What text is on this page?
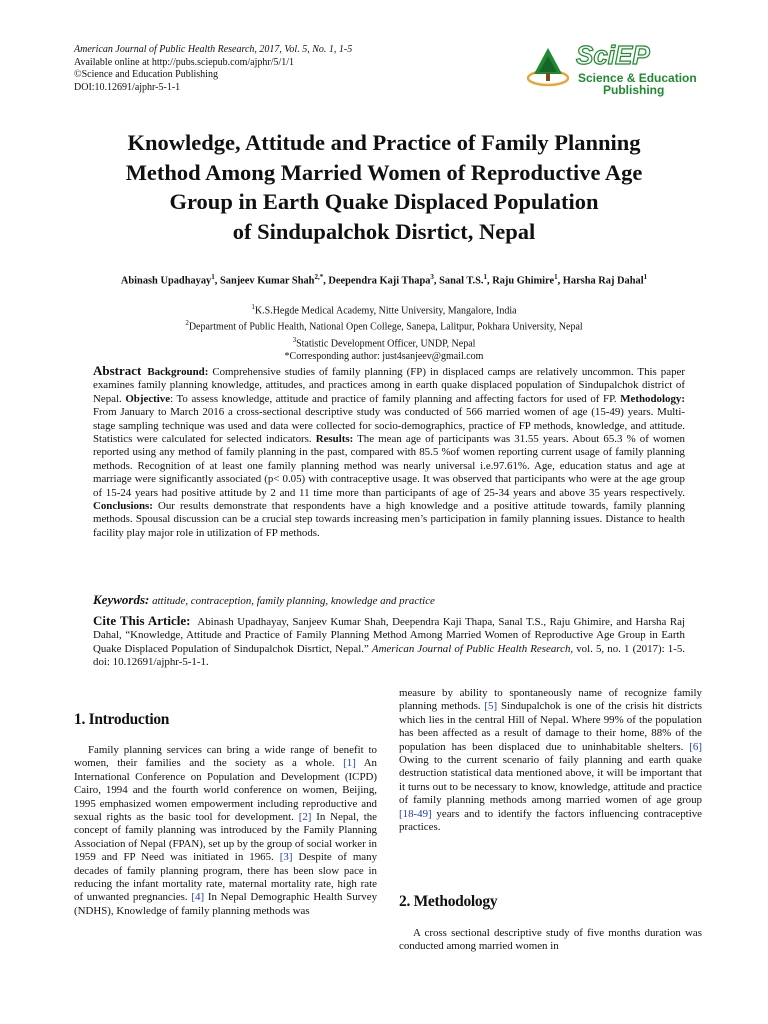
American Journal of Public Health Research, 2017, Vol. 5, No. 1, 1-5
Available online at http://pubs.sciepub.com/ajphr/5/1/1
©Science and Education Publishing
DOI:10.12691/ajphr-5-1-1
SciEP
Science & Education
Publishing
Knowledge, Attitude and Practice of Family Planning
Method Among Married Women of Reproductive Age
Group in Earth Quake Displaced Population
of Sindupalchok Disrtict, Nepal
Abinash Upadhayay$^1$, Sanjeev Kumar Shah$^{2,*}$, Deependra Kaji Thapa$^3$, Sanal T.S.$^1$, Raju Ghimire$^1$, Harsha Raj Dahal$^1$
$^1$K.S.Hegde Medical Academy, Nitte University, Mangalore, India
$^2$Department of Public Health, National Open College, Sanepa, Lalitpur, Pokhara University, Nepal
$^3$Statistic Development Officer, UNDP, Nepal
*Corresponding author: just4sanjeev@gmail.com

Abstract Background: Comprehensive studies of family planning (FP) in displaced camps are relatively uncommon. This paper examines family planning knowledge, attitudes, and practices among in earth quake displaced population of Sindupalchok district of Nepal. Objective: To assess knowledge, attitude and practice of family planning and affecting factors for used of FP. Methodology: From January to March 2016 a cross-sectional descriptive study was conducted of 566 married women of age (15-49) years. Multi-stage sampling technique was used and data were collected for socio-demographics, practice of FP methods, knowledge, and attitude. Statistics were calculated for selected indicators. Results: The mean age of participants was 31.55 years. About 65.3 % of women reported using any method of family planning in the past, compared with 85.5 %of women reporting current usage of family planning methods. Recognition of at least one family planning method was nearly universal i.e.97.61%. Age, education status and age at marriage were significantly associated (p< 0.05) with contraceptive usage. It was observed that participants who were at the age group of 15-24 years had positive attitude by 2 and 11 time more than participants of age of 25-34 years and above 35 years respectively. Conclusions: Our results demonstrate that respondents have a high knowledge and a positive attitude towards, family planning methods. Spousal discussion can be a crucial step towards increasing men’s participation in family planning issues. Distance to health facility play major role in utilization of FP methods.

Keywords: attitude, contraception, family planning, knowledge and practice

Cite This Article: Abinash Upadhayay, Sanjeev Kumar Shah, Deependra Kaji Thapa, Sanal T.S., Raju Ghimire, and Harsha Raj Dahal, “Knowledge, Attitude and Practice of Family Planning Method Among Married Women of Reproductive Age Group in Earth Quake Displaced Population of Sindupalchok Disrtict, Nepal.” American Journal of Public Health Research, vol. 5, no. 1 (2017): 1-5. doi: 10.12691/ajphr-5-1-1.

1. Introduction

Family planning services can bring a wide range of benefit to women, their families and the society as a whole. [1] An International Conference on Population and Development (ICPD) Cairo, 1994 and the fourth world conference on women, Beijing, 1995 emphasized women empowerment including reproductive and sexual rights as the basic tool for development. [2] In Nepal, the concept of family planning was introduced by the Family Planning Association of Nepal (FPAN), set up by the group of social worker in 1959 and FP Need was initiated in 1965. [3] Despite of many decades of family planning program, there has been slow pace in reducing the infant mortality rate, maternal mortality rate, high rate of unwanted pregnancies. [4] In Nepal Demographic Health Survey (NDHS), Knowledge of family planning methods was

measure by ability to spontaneously name of recognize family planning methods. [5] Sindupalchok is one of the crisis hit districts which lies in the central Hill of Nepal. Where 99% of the population has been affected as a result of damage to their home, 88% of the population has been displaced due to uninhabitable shelters. [6] Owing to the current scenario of faily planning and earth quake destruction statistical data mentioned above, it will be important that it turns out to be necessary to know, knowledge, attitude and practice of family planning methods among married women of age group [18-49] years and to identify the factors influencing contraceptive practices.

2. Methodology

A cross sectional descriptive study of five months duration was conducted among married women in
